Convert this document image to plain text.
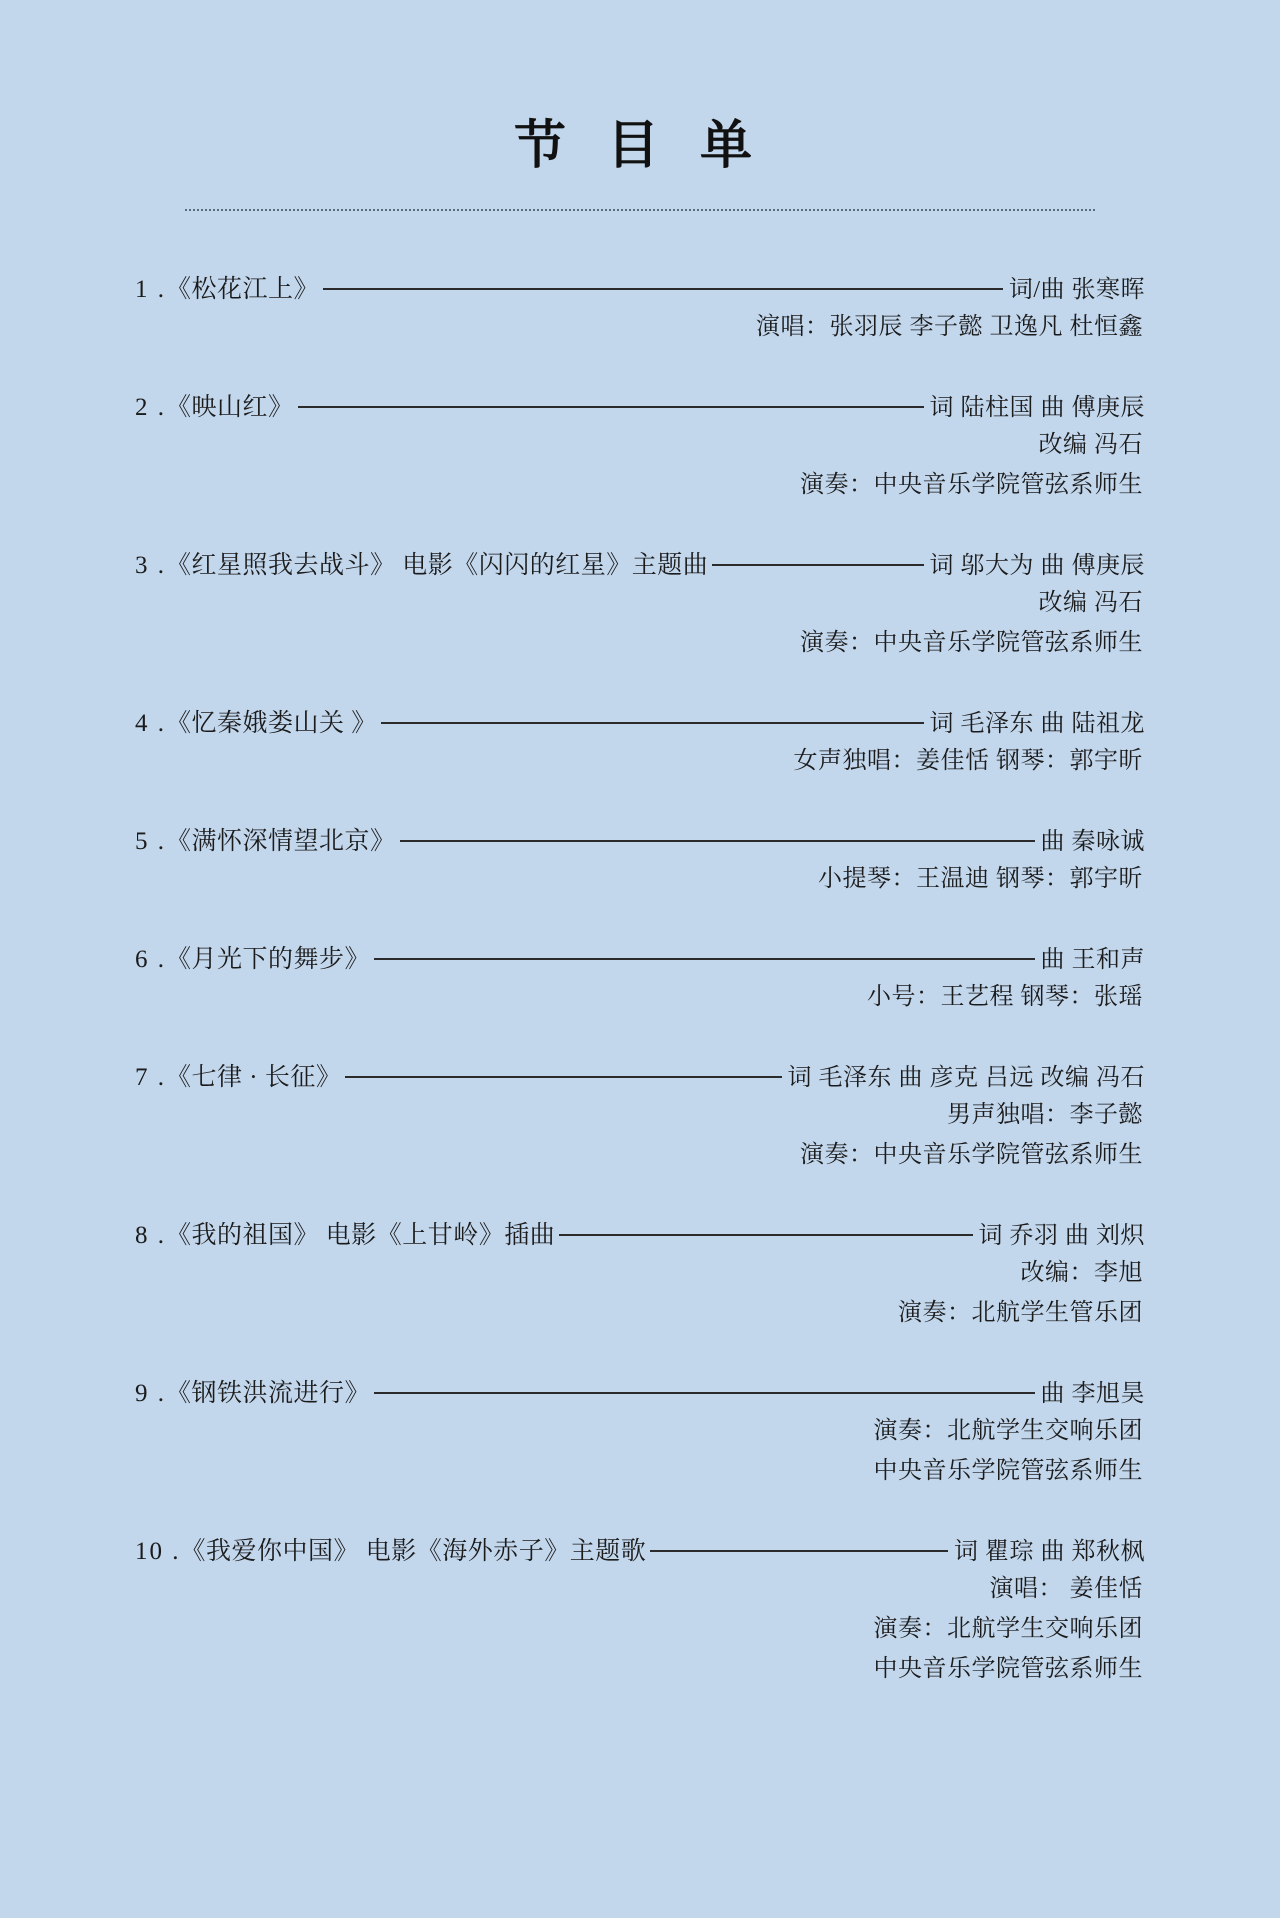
节 目 单
1 .《松花江上》	词/曲 张寒晖
演唱：张羽辰 李子懿 卫逸凡 杜恒鑫
2 .《映山红》	词 陆柱国 曲 傅庚辰
改编 冯石
演奏：中央音乐学院管弦系师生
3 .《红星照我去战斗》 电影《闪闪的红星》主题曲	词 邬大为 曲 傅庚辰
改编 冯石
演奏：中央音乐学院管弦系师生
4 .《忆秦娥娄山关 》	词 毛泽东 曲 陆祖龙
女声独唱：姜佳恬 钢琴：郭宇昕
5 .《满怀深情望北京》	曲 秦咏诚
小提琴：王温迪 钢琴：郭宇昕
6 .《月光下的舞步》	曲 王和声
小号：王艺程 钢琴：张瑶
7 .《七律 · 长征》	词 毛泽东 曲 彦克 吕远 改编 冯石
男声独唱：李子懿
演奏：中央音乐学院管弦系师生
8 .《我的祖国》 电影《上甘岭》插曲	词 乔羽 曲 刘炽
改编：李旭
演奏：北航学生管乐团
9 .《钢铁洪流进行》	曲 李旭昊
演奏：北航学生交响乐团
中央音乐学院管弦系师生
10 .《我爱你中国》 电影《海外赤子》主题歌	词 瞿琮 曲 郑秋枫
演唱： 姜佳恬
演奏：北航学生交响乐团
中央音乐学院管弦系师生
